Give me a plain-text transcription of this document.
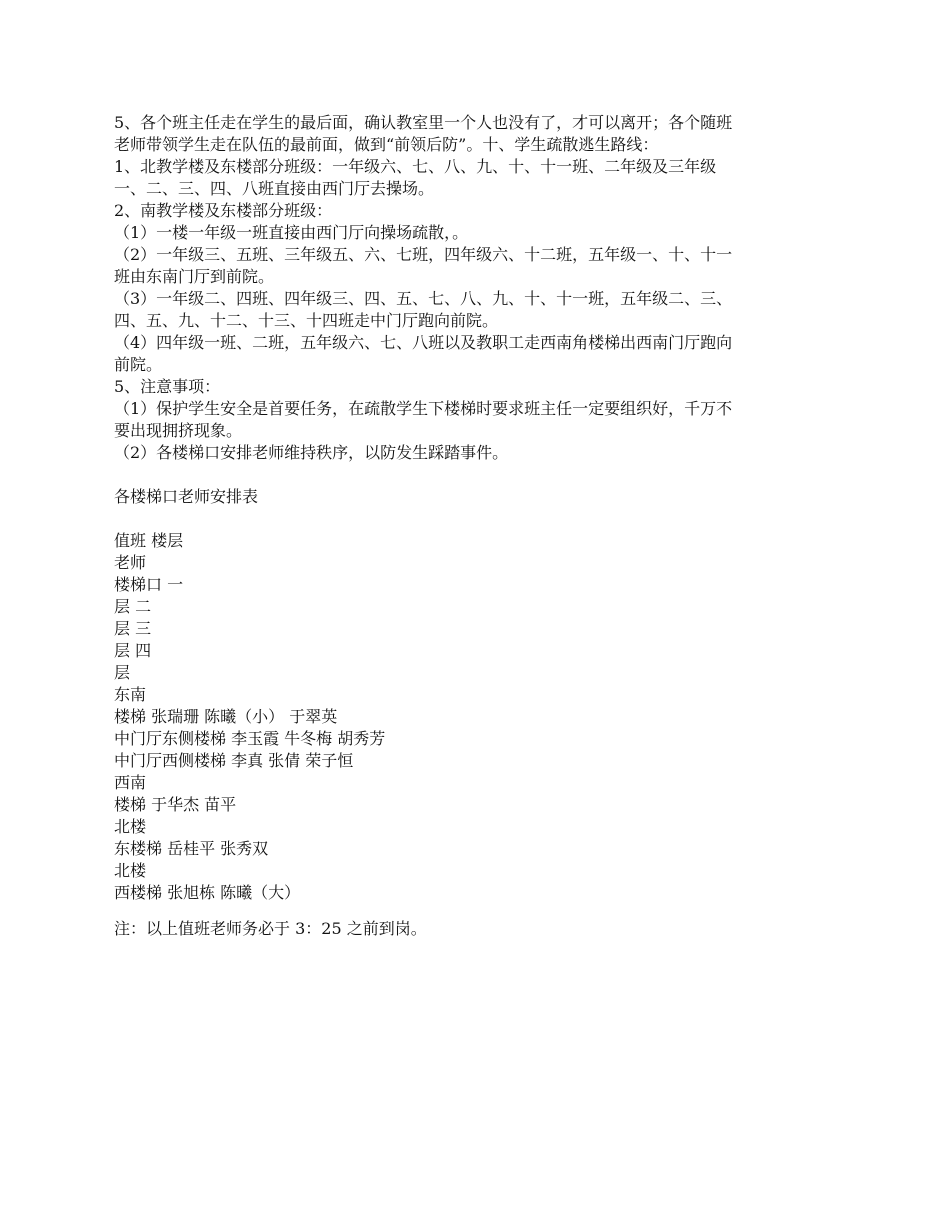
5、各个班主任走在学生的最后面，确认教室里一个人也没有了，才可以离开；各个随班
老师带领学生走在队伍的最前面，做到“前领后防”。十、学生疏散逃生路线：
1、北教学楼及东楼部分班级：一年级六、七、八、九、十、十一班、二年级及三年级
一、二、三、四、八班直接由西门厅去操场。
2、南教学楼及东楼部分班级：
（1）一楼一年级一班直接由西门厅向操场疏散，。
（2）一年级三、五班、三年级五、六、七班，四年级六、十二班，五年级一、十、十一
班由东南门厅到前院。
（3）一年级二、四班、四年级三、四、五、七、八、九、十、十一班，五年级二、三、
四、五、九、十二、十三、十四班走中门厅跑向前院。
（4）四年级一班、二班，五年级六、七、八班以及教职工走西南角楼梯出西南门厅跑向
前院。
5、注意事项：
（1）保护学生安全是首要任务，在疏散学生下楼梯时要求班主任一定要组织好，千万不
要出现拥挤现象。
（2）各楼梯口安排老师维持秩序，以防发生踩踏事件。
各楼梯口老师安排表
值班 楼层
老师
楼梯口 一
层 二
层 三
层 四
层
东南
楼梯 张瑞珊 陈曦（小） 于翠英
中门厅东侧楼梯 李玉霞 牛冬梅 胡秀芳
中门厅西侧楼梯 李真 张倩 荣子恒
西南
楼梯 于华杰 苗平
北楼
东楼梯 岳桂平 张秀双
北楼
西楼梯 张旭栋 陈曦（大）
注：以上值班老师务必于 3：25 之前到岗。
